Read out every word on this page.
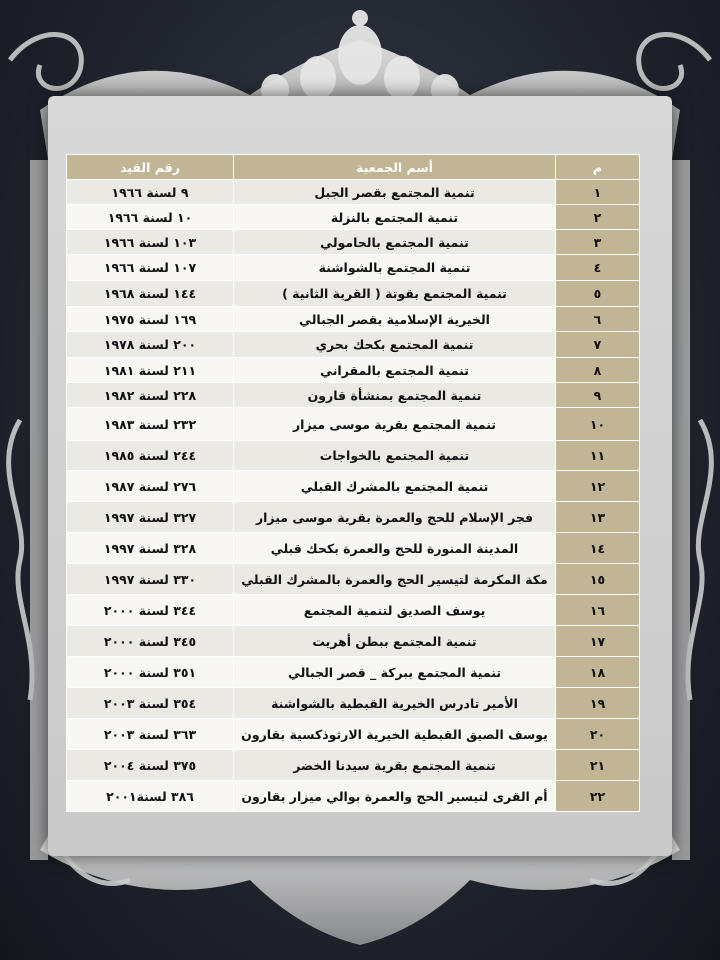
م	أسم الجمعية	رقم القيد
١	تنمية المجتمع بقصر الجبل	٩ لسنة ١٩٦٦
٢	تنمية المجتمع بالنزلة	١٠ لسنة ١٩٦٦
٣	تنمية المجتمع بالحامولي	١٠٣ لسنة ١٩٦٦
٤	تنمية المجتمع بالشواشنة	١٠٧ لسنة ١٩٦٦
٥	تنمية المجتمع بقوتة ( القرية الثانية )	١٤٤ لسنة ١٩٦٨
٦	الخيرية الإسلامية بقصر الجبالي	١٦٩ لسنة ١٩٧٥
٧	تنمية المجتمع بكحك بحري	٢٠٠ لسنة ١٩٧٨
٨	تنمية المجتمع بالمقراني	٢١١ لسنة ١٩٨١
٩	تنمية المجتمع بمنشأة قارون	٢٢٨ لسنة ١٩٨٢
١٠	تنمية المجتمع بقرية موسى ميزار	٢٣٢ لسنة ١٩٨٣
١١	تنمية المجتمع بالخواجات	٢٤٤ لسنة ١٩٨٥
١٢	تنمية المجتمع بالمشرك القبلي	٢٧٦ لسنة ١٩٨٧
١٣	فجر الإسلام للحج والعمرة بقرية موسى ميزار	٣٢٧ لسنة ١٩٩٧
١٤	المدينة المنورة للحج والعمرة بكحك قبلي	٣٢٨ لسنة ١٩٩٧
١٥	مكة المكرمة لتيسير الحج والعمرة بالمشرك القبلي	٣٣٠ لسنة ١٩٩٧
١٦	يوسف الصديق لتنمية المجتمع	٣٤٤ لسنة ٢٠٠٠
١٧	تنمية المجتمع ببطن أهريت	٣٤٥ لسنة ٢٠٠٠
١٨	تنمية المجتمع ببركة _ قصر الجبالي	٣٥١ لسنة ٢٠٠٠
١٩	الأمير تادرس الخيرية القبطية بالشواشنة	٣٥٤ لسنة ٢٠٠٣
٢٠	يوسف الصيق القبطية الخيرية الارثوذكسية بقارون	٣٦٣ لسنة ٢٠٠٣
٢١	تنمية المجتمع بقرية سيدنا الخضر	٣٧٥ لسنة ٢٠٠٤
٢٢	أم القرى لتيسير الحج والعمرة بوالي ميزار بقارون	٣٨٦ لسنة٢٠٠١
